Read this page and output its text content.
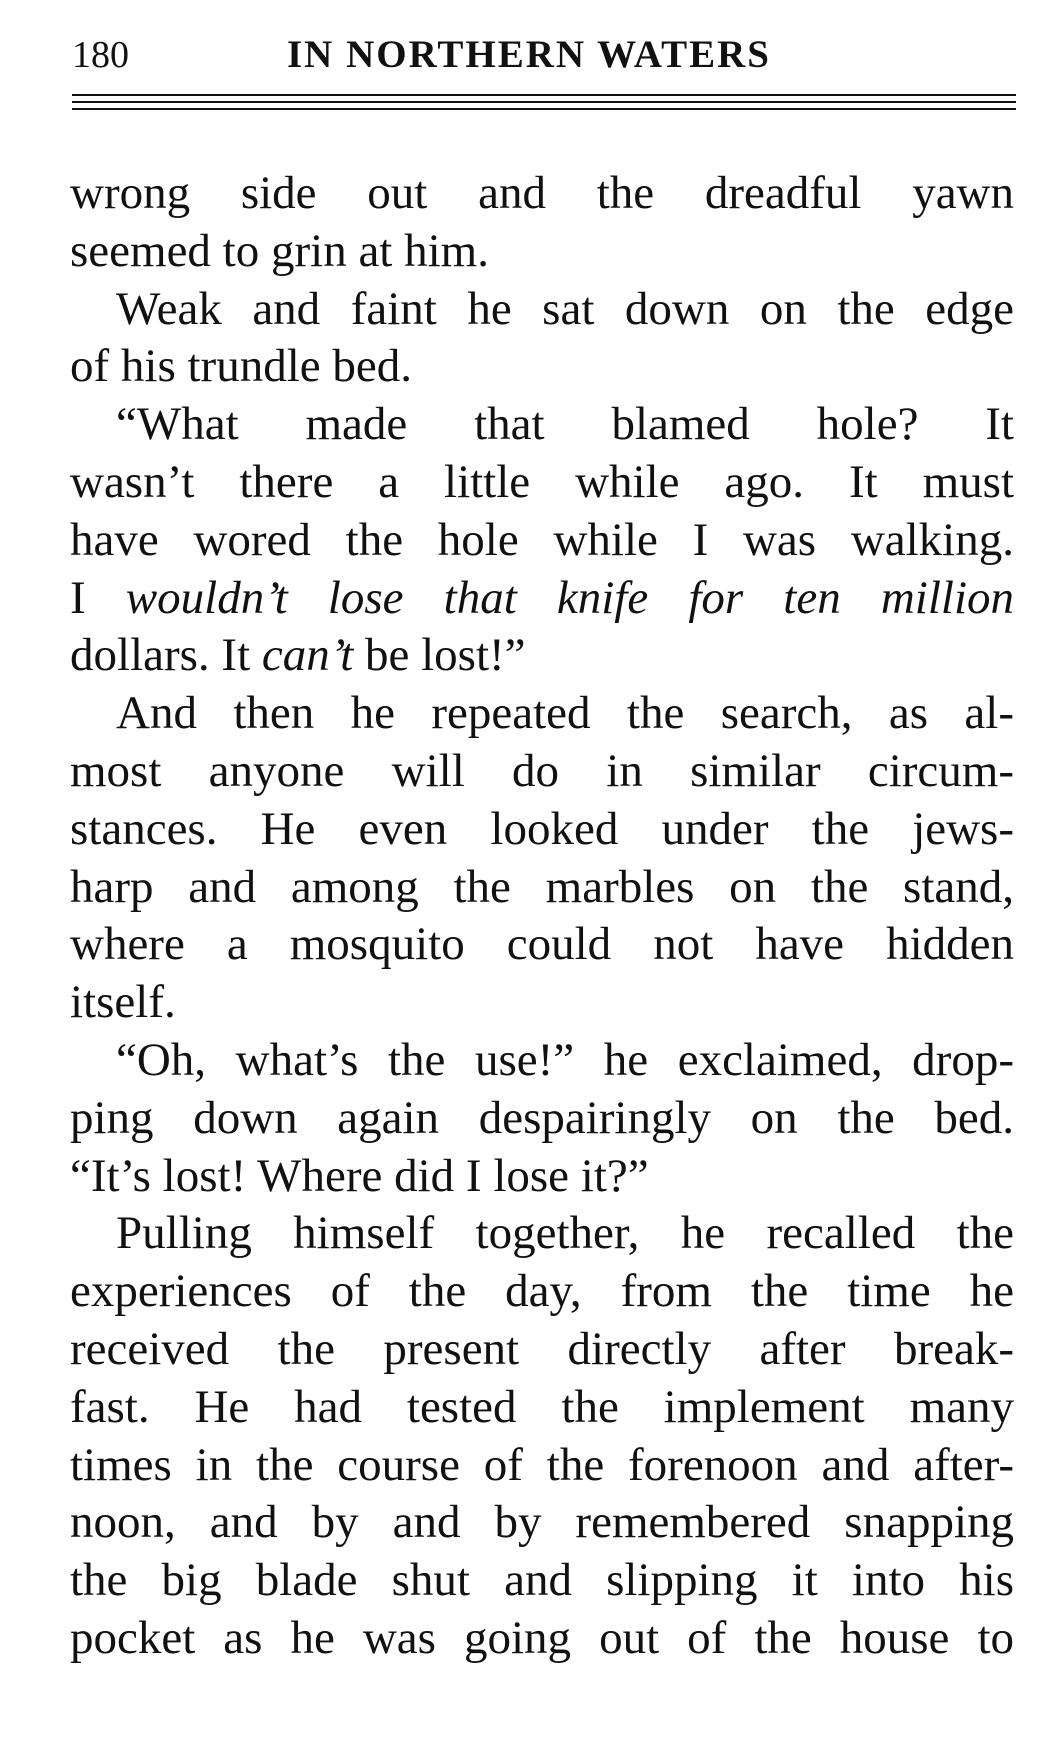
180	IN NORTHERN WATERS
wrong side out and the dreadful yawn
seemed to grin at him.
Weak and faint he sat down on the edge
of his trundle bed.
“What made that blamed hole? It
wasn’t there a little while ago. It must
have wored the hole while I was walking.
I wouldn’t lose that knife for ten million
dollars. It can’t be lost!”
And then he repeated the search, as al-
most anyone will do in similar circum-
stances. He even looked under the jews-
harp and among the marbles on the stand,
where a mosquito could not have hidden
itself.
“Oh, what’s the use!” he exclaimed, drop-
ping down again despairingly on the bed.
“It’s lost! Where did I lose it?”
Pulling himself together, he recalled the
experiences of the day, from the time he
received the present directly after break-
fast. He had tested the implement many
times in the course of the forenoon and after-
noon, and by and by remembered snapping
the big blade shut and slipping it into his
pocket as he was going out of the house to
